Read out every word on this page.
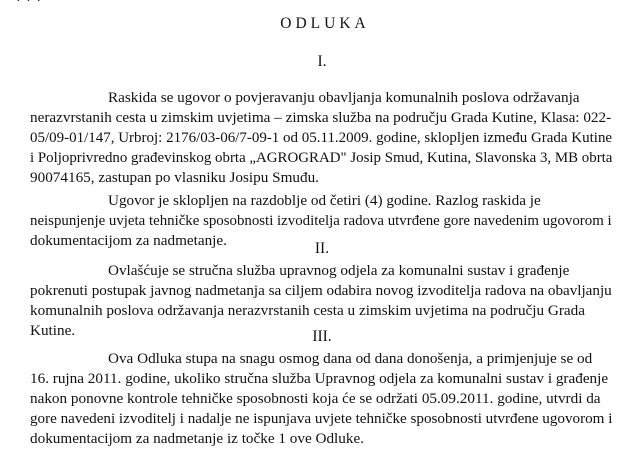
· · ·
ODLUKA
I.

Raskida se ugovor o povjeravanju obavljanja komunalnih poslova održavanja
nerazvrstanih cesta u zimskim uvjetima – zimska služba na području Grada Kutine, Klasa: 022-
05/09-01/147, Urbroj: 2176/03-06/7-09-1 od 05.11.2009. godine, sklopljen između Grada Kutine
i Poljoprivredno građevinskog obrta „AGROGRAD" Josip Smud, Kutina, Slavonska 3, MB obrta
90074165, zastupan po vlasniku Josipu Smuđu.

Ugovor je sklopljen na razdoblje od četiri (4) godine. Razlog raskida je
neispunjenje uvjeta tehničke sposobnosti izvoditelja radova utvrđene gore navedenim ugovorom i
dokumentacijom za nadmetanje.	II.

Ovlašćuje se stručna služba upravnog odjela za komunalni sustav i građenje
pokrenuti postupak javnog nadmetanja sa ciljem odabira novog izvoditelja radova na obavljanju
komunalnih poslova održavanja nerazvrstanih cesta u zimskim uvjetima na području Grada
Kutine.	III.

Ova Odluka stupa na snagu osmog dana od dana donošenja, a primjenjuje se od
16. rujna 2011. godine, ukoliko stručna služba Upravnog odjela za komunalni sustav i građenje
nakon ponovne kontrole tehničke sposobnosti koja će se održati 05.09.2011. godine, utvrdi da
gore navedeni izvoditelj i nadalje ne ispunjava uvjete tehničke sposobnosti utvrđene ugovorom i
dokumentacijom za nadmetanje iz točke 1 ove Odluke.
